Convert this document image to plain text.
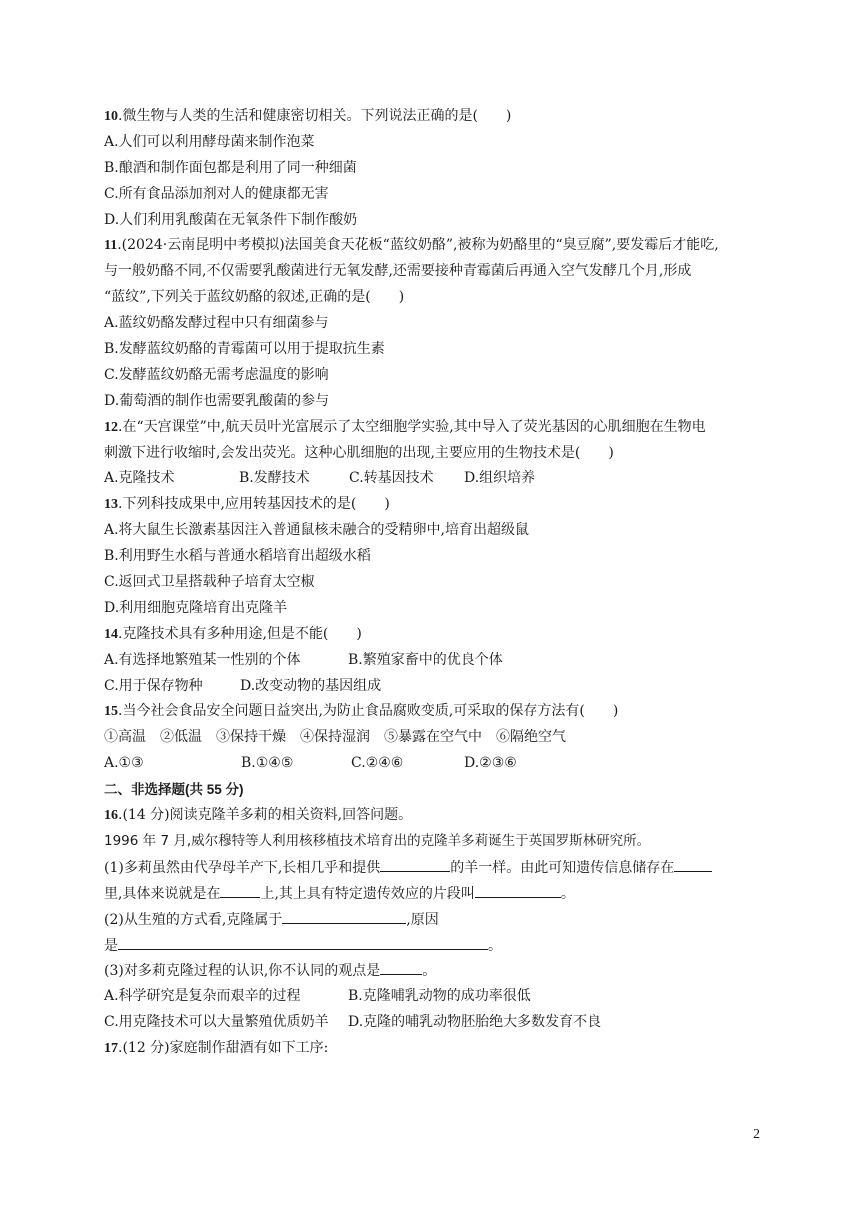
10.微生物与人类的生活和健康密切相关。下列说法正确的是( )
A.人们可以利用酵母菌来制作泡菜
B.酿酒和制作面包都是利用了同一种细菌
C.所有食品添加剂对人的健康都无害
D.人们利用乳酸菌在无氧条件下制作酸奶
11.(2024·云南昆明中考模拟)法国美食天花板“蓝纹奶酪”,被称为奶酪里的“臭豆腐”,要发霉后才能吃,
与一般奶酪不同,不仅需要乳酸菌进行无氧发酵,还需要接种青霉菌后再通入空气发酵几个月,形成
“蓝纹”,下列关于蓝纹奶酪的叙述,正确的是( )
A.蓝纹奶酪发酵过程中只有细菌参与
B.发酵蓝纹奶酪的青霉菌可以用于提取抗生素
C.发酵蓝纹奶酪无需考虑温度的影响
D.葡萄酒的制作也需要乳酸菌的参与
12.在“天宫课堂”中,航天员叶光富展示了太空细胞学实验,其中导入了荧光基因的心肌细胞在生物电
刺激下进行收缩时,会发出荧光。这种心肌细胞的出现,主要应用的生物技术是( )
A.克隆技术	B.发酵技术	C.转基因技术 D.组织培养
13.下列科技成果中,应用转基因技术的是( )
A.将大鼠生长激素基因注入普通鼠核未融合的受精卵中,培育出超级鼠
B.利用野生水稻与普通水稻培育出超级水稻
C.返回式卫星搭载种子培育太空椒
D.利用细胞克隆培育出克隆羊
14.克隆技术具有多种用途,但是不能( )
A.有选择地繁殖某一性别的个体	B.繁殖家畜中的优良个体
C.用于保存物种	D.改变动物的基因组成
15.当今社会食品安全问题日益突出,为防止食品腐败变质,可采取的保存方法有( )
①高温 ②低温 ③保持干燥 ④保持湿润 ⑤暴露在空气中 ⑥隔绝空气
A.①③	B.①④⑤	C.②④⑥	D.②③⑥
二、非选择题(共 55 分)
16.(14 分)阅读克隆羊多莉的相关资料,回答问题。
1996 年 7 月,威尔穆特等人利用核移植技术培育出的克隆羊多莉诞生于英国罗斯林研究所。
(1)多莉虽然由代孕母羊产下,长相几乎和提供	的羊一样。由此可知遗传信息储存在
里,具体来说就是在	上,其上具有特定遗传效应的片段叫	。
(2)从生殖的方式看,克隆属于	,原因
是	。
(3)对多莉克隆过程的认识,你不认同的观点是	。
A.科学研究是复杂而艰辛的过程	B.克隆哺乳动物的成功率很低
C.用克隆技术可以大量繁殖优质奶羊 D.克隆的哺乳动物胚胎绝大多数发育不良
17.(12 分)家庭制作甜酒有如下工序:
2
